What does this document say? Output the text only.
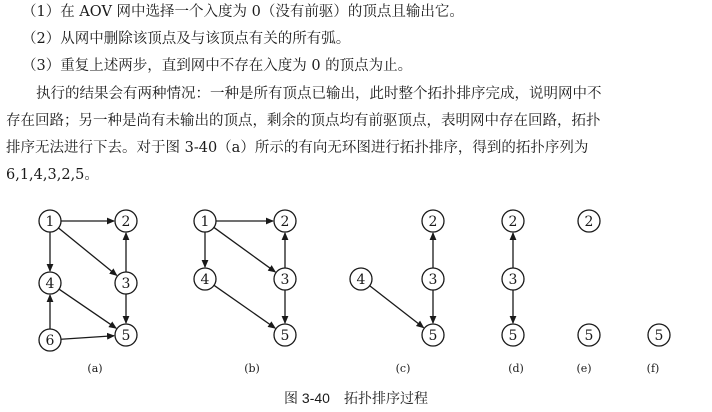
（1）在 AOV 网中选择一个入度为 0（没有前驱）的顶点且输出它。
（2）从网中删除该顶点及与该顶点有关的所有弧。
（3）重复上述两步，直到网中不存在入度为 0 的顶点为止。
执行的结果会有两种情况：一种是所有顶点已输出，此时整个拓扑排序完成，说明网中不
存在回路；另一种是尚有未输出的顶点，剩余的顶点均有前驱顶点，表明网中存在回路，拓扑
排序无法进行下去。对于图 3-40（a）所示的有向无环图进行拓扑排序，得到的拓扑序列为
6,1,4,3,2,5。
1	2
3
4
5
6
(a)
1	2
3
4
5
(b)
2
3
4
5
(c)
2
3
5
(d)
2
5
(e)
5
(f)
图 3-40 拓扑排序过程
